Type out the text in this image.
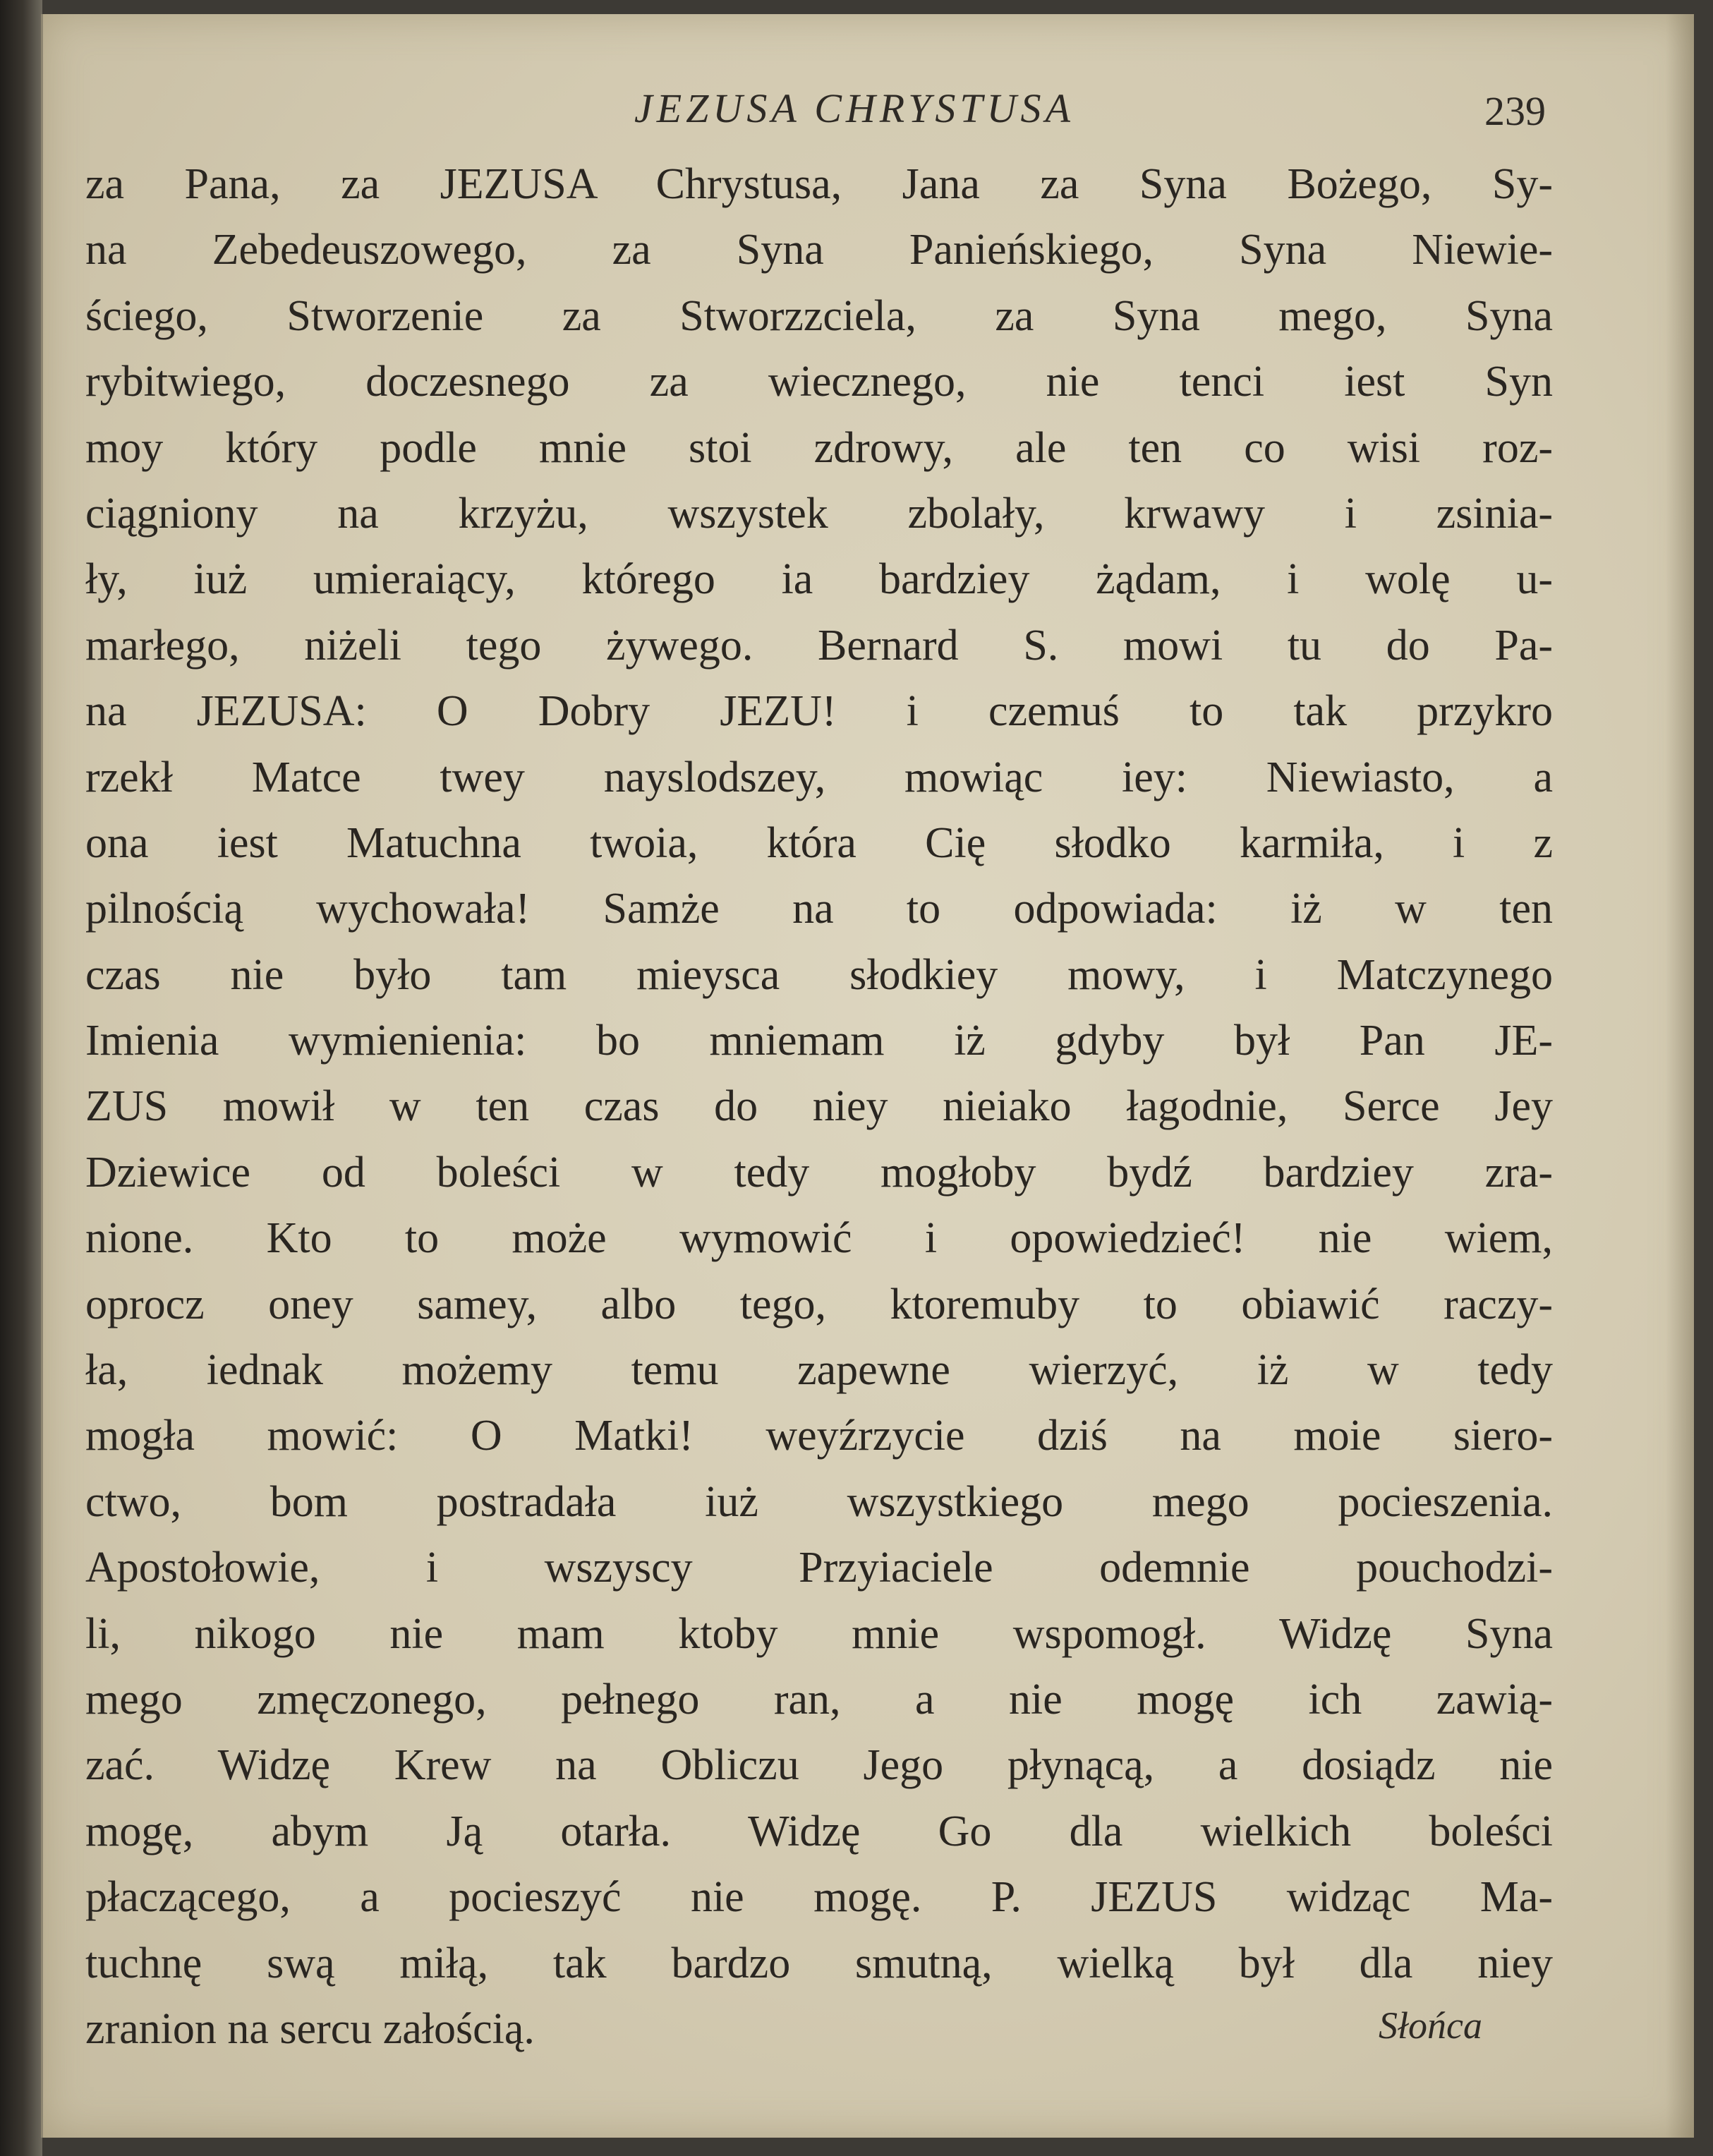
JEZUSA CHRYSTUSA	239
za Pana, za JEZUSA Chrystusa, Jana za Syna Bożego, Sy-
na Zebedeuszowego, za Syna Panieńskiego, Syna Niewie-
ściego, Stworzenie za Stworzzciela, za Syna mego, Syna
rybitwiego, doczesnego za wiecznego, nie tenci iest Syn
moy który podle mnie stoi zdrowy, ale ten co wisi roz-
ciągniony na krzyżu, wszystek zbolały, krwawy i zsinia-
ły, iuż umieraiący, którego ia bardziey żądam, i wolę u-
marłego, niżeli tego żywego. Bernard S. mowi tu do Pa-
na JEZUSA: O Dobry JEZU! i czemuś to tak przykro
rzekł Matce twey nayslodszey, mowiąc iey: Niewiasto, a
ona iest Matuchna twoia, która Cię słodko karmiła, i z
pilnością wychowała! Samże na to odpowiada: iż w ten
czas nie było tam mieysca słodkiey mowy, i Matczynego
Imienia wymienienia: bo mniemam iż gdyby był Pan JE-
ZUS mowił w ten czas do niey nieiako łagodnie, Serce Jey
Dziewice od boleści w tedy mogłoby bydź bardziey zra-
nione. Kto to może wymowić i opowiedzieć! nie wiem,
oprocz oney samey, albo tego, ktoremuby to obiawić raczy-
ła, iednak możemy temu zapewne wierzyć, iż w tedy
mogła mowić: O Matki! weyźrzycie dziś na moie siero-
ctwo, bom postradała iuż wszystkiego mego pocieszenia.
Apostołowie, i wszyscy Przyiaciele odemnie pouchodzi-
li, nikogo nie mam ktoby mnie wspomogł. Widzę Syna
mego zmęczonego, pełnego ran, a nie mogę ich zawią-
zać. Widzę Krew na Obliczu Jego płynącą, a dosiądz nie
mogę, abym Ją otarła. Widzę Go dla wielkich boleści
płaczącego, a pocieszyć nie mogę. P. JEZUS widząc Ma-
tuchnę swą miłą, tak bardzo smutną, wielką był dla niey
zranion na sercu załością.	Słońca
